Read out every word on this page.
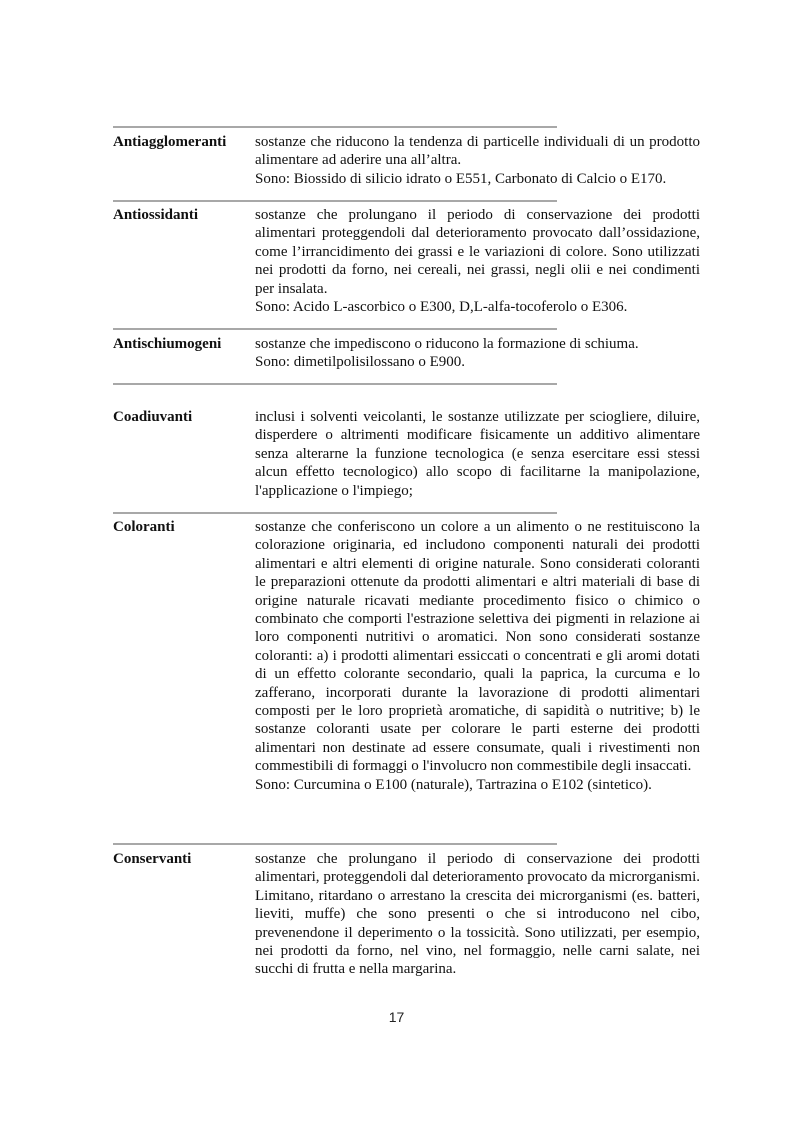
Antiagglomeranti	sostanze che riducono la tendenza di particelle individuali di un prodotto alimentare ad aderire una all’altra.

Sono: Biossido di silicio idrato o E551, Carbonato di Calcio o E170.

Antiossidanti	sostanze che prolungano il periodo di conservazione dei prodotti alimentari proteggendoli dal deterioramento provocato dall’ossidazione, come l’irrancidimento dei grassi e le variazioni di colore. Sono utilizzati nei prodotti da forno, nei cereali, nei grassi, negli olii e nei condimenti per insalata.

Sono: Acido L-ascorbico o E300, D,L-alfa-tocoferolo o E306.

Antischiumogeni	sostanze che impediscono o riducono la formazione di schiuma.

Sono: dimetilpolisilossano o E900.

Coadiuvanti	inclusi i solventi veicolanti, le sostanze utilizzate per sciogliere, diluire, disperdere o altrimenti modificare fisicamente un additivo alimentare senza alterarne la funzione tecnologica (e senza esercitare essi stessi alcun effetto tecnologico) allo scopo di facilitarne la manipolazione, l'applicazione o l'impiego;

Coloranti	sostanze che conferiscono un colore a un alimento o ne restituiscono la colorazione originaria, ed includono componenti naturali dei prodotti alimentari e altri elementi di origine naturale. Sono considerati coloranti le preparazioni ottenute da prodotti alimentari e altri materiali di base di origine naturale ricavati mediante procedimento fisico o chimico o combinato che comporti l'estrazione selettiva dei pigmenti in relazione ai loro componenti nutritivi o aromatici. Non sono considerati sostanze coloranti: a) i prodotti alimentari essiccati o concentrati e gli aromi dotati di un effetto colorante secondario, quali la paprica, la curcuma e lo zafferano, incorporati durante la lavorazione di prodotti alimentari composti per le loro proprietà aromatiche, di sapidità o nutritive; b) le sostanze coloranti usate per colorare le parti esterne dei prodotti alimentari non destinate ad essere consumate, quali i rivestimenti non commestibili di formaggi o l'involucro non commestibile degli insaccati.

Sono: Curcumina o E100 (naturale), Tartrazina o E102 (sintetico).

Conservanti	sostanze che prolungano il periodo di conservazione dei prodotti alimentari, proteggendoli dal deterioramento provocato da microrganismi. Limitano, ritardano o arrestano la crescita dei microrganismi (es. batteri, lieviti, muffe) che sono presenti o che si introducono nel cibo, prevenendone il deperimento o la tossicità. Sono utilizzati, per esempio, nei prodotti da forno, nel vino, nel formaggio, nelle carni salate, nei succhi di frutta e nella margarina.

17
